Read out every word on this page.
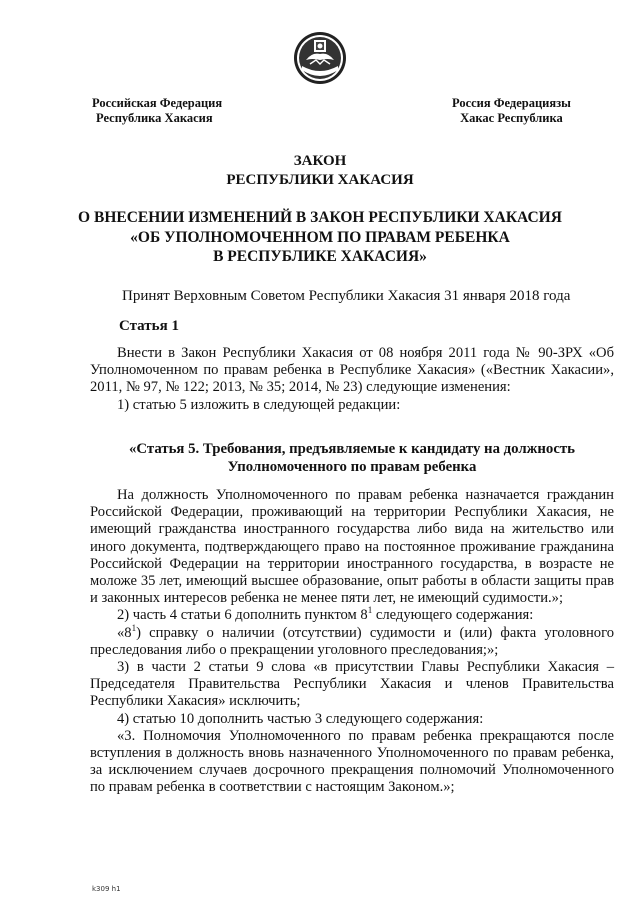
Российская Федерация
Республика Хакасия
Россия Федерациязы
Хакас Республика
ЗАКОН
РЕСПУБЛИКИ ХАКАСИЯ
О ВНЕСЕНИИ ИЗМЕНЕНИЙ В ЗАКОН РЕСПУБЛИКИ ХАКАСИЯ
«ОБ УПОЛНОМОЧЕННОМ ПО ПРАВАМ РЕБЕНКА
В РЕСПУБЛИКЕ ХАКАСИЯ»
Принят Верховным Советом Республики Хакасия 31 января 2018 года
Статья 1

Внести в Закон Республики Хакасия от 08 ноября 2011 года № 90-ЗРХ «Об Уполномоченном по правам ребенка в Республике Хакасия» («Вестник Хакасии», 2011, № 97, № 122; 2013, № 35; 2014, № 23) следующие изменения:

1) статью 5 изложить в следующей редакции:

«Статья 5. Требования, предъявляемые к кандидату на должность
Уполномоченного по правам ребенка

На должность Уполномоченного по правам ребенка назначается гражданин Российской Федерации, проживающий на территории Республики Хакасия, не имеющий гражданства иностранного государства либо вида на жительство или иного документа, подтверждающего право на постоянное проживание гражданина Российской Федерации на территории иностранного государства, в возрасте не моложе 35 лет, имеющий высшее образование, опыт работы в области защиты прав и законных интересов ребенка не менее пяти лет, не имеющий судимости.»;

2) часть 4 статьи 6 дополнить пунктом $8^1$ следующего содержания:

«$8^1$) справку о наличии (отсутствии) судимости и (или) факта уголовного преследования либо о прекращении уголовного преследования;»;

3) в части 2 статьи 9 слова «в присутствии Главы Республики Хакасия – Председателя Правительства Республики Хакасия и членов Правительства Республики Хакасия» исключить;

4) статью 10 дополнить частью 3 следующего содержания:

«3. Полномочия Уполномоченного по правам ребенка прекращаются после вступления в должность вновь назначенного Уполномоченного по правам ребенка, за исключением случаев досрочного прекращения полномочий Уполномоченного по правам ребенка в соответствии с настоящим Законом.»;

k309 h1
